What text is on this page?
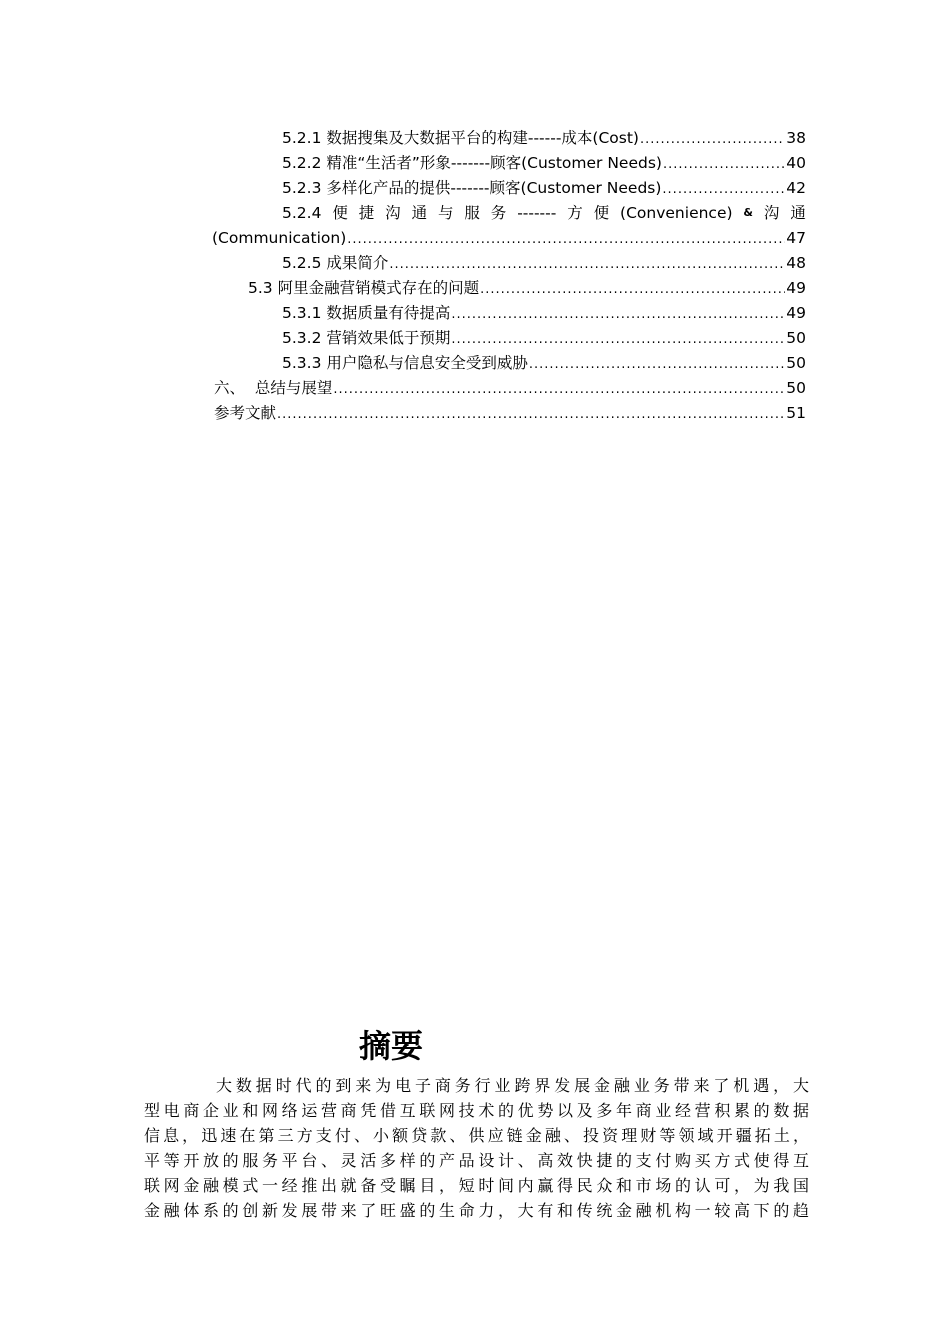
5.2.1 数据搜集及大数据平台的构建------成本(Cost) .....	38
5.2.2 精准“生活者”形象-------顾客(Customer Needs) .....	40
5.2.3 多样化产品的提供-------顾客(Customer Needs) .....	42
5.2.4 便 捷 沟 通 与 服 务 ------- 方 便 (Convenience) & 沟 通
(Communication) .....	47
5.2.5 成果简介 .....	48
5.3 阿里金融营销模式存在的问题 .....	49
5.3.1 数据质量有待提高 .....	49
5.3.2 营销效果低于预期 .....	50
5.3.3 用户隐私与信息安全受到威胁 .....	50
六、  总结与展望 .....	50
参考文献 .....	51
摘要
大数据时代的到来为电子商务行业跨界发展金融业务带来了机遇，大
型电商企业和网络运营商凭借互联网技术的优势以及多年商业经营积累的数据
信息，迅速在第三方支付、小额贷款、供应链金融、投资理财等领域开疆拓土，
平等开放的服务平台、灵活多样的产品设计、高效快捷的支付购买方式使得互
联网金融模式一经推出就备受瞩目，短时间内赢得民众和市场的认可，为我国
金融体系的创新发展带来了旺盛的生命力，大有和传统金融机构一较高下的趋
